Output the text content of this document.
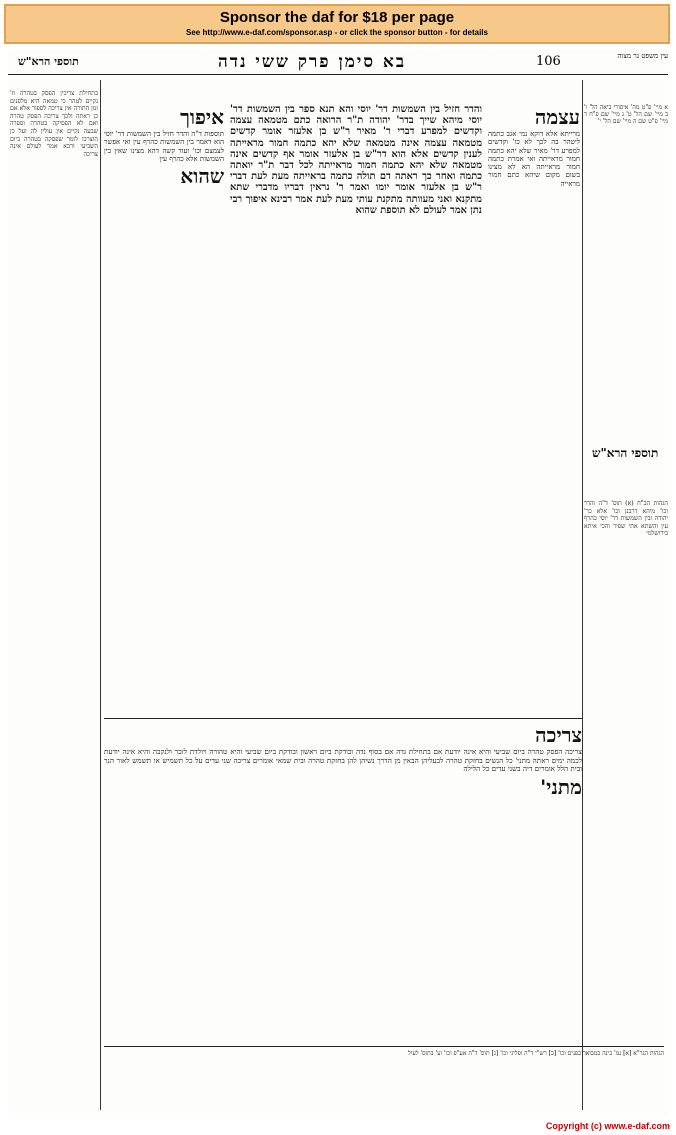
Sponsor the daf for $18 per page
See http://www.e-daf.com/sponsor.asp - or click the sponsor button - for details
תוספי הרא"ש	בא סימן פרק ששי נדה	106	עין משפט נר מצוה
בתחילת צריכין הפסק בטהרה וז' נקיים לטהר כי טמאה היא מלפנים ומן התורה אין צריכה לספור אלא אם כן ראתה ולכך צריכה הפסק טהרה ואם לא הפסיקה בטהרה וספרה שבעה נקיים אין עולין לה ועל כן הוצרכו לומר שפסקה בטהרה ביום השביעי ורבא אמר לעולם אינה צריכה
איפוך
תוספות ד"ה והדר חזיל בין השמשות דר' יוסי הוא דאמר בין השמשות כהרף עין ואי אפשר לצמצם וכו' ועוד קשה דהא מצינו שאין בין השמשות אלא כהרף עין
שהוא
והדר חזיל בין השמשות דר' יוסי והא תנא ספר בין השמשות דר' יוסי מיהא שייך בדר' יהודה ת"ר הרואה כתם מטמאה עצמה וקדשים למפרע דברי ר' מאיר ר"ש בן אלעזר אומר קדשים מטמאה עצמה אינה מטמאה שלא יהא כתמה חמור מראייתה לענין קדשים אלא הוא דר"ש בן אלעזר אומר אף קדשים אינה מטמאה שלא יהא כתמה חמור מראייתה לכל דבר ת"ר יואתה כתמה ואחר כך ראתה דם תולה כתמה בראייתה מעת לעת דברי ר"ש בן אלעזר אומר יומו ואמר ר' נראין דבריו מדברי שתא מתקנא ואני מעוותה מתקנת עותי מעת לעת אמר רבינא איפוך רבי נתן אמר לעולם לא תוספת שהוא
עצמה
מרייתא אלא דוקא נמי אגב כתמה ליטהר בה לכך לא כו' וקדשים למפרע דר' מאיר שלא יהא כתמה חמור מראייתה ואי אמרת כתמה חמור מראייתה הא לא מצינו בשום מקום שיהא כתם חמור מראייה
א מיי' פ"ט מה' איסורי ביאה הל' ו' ב מיי' שם הל' ט' ג מיי' שם פ"ח ד מיי' פ"ט שם ה מיי' שם הל' י'
תוספי הרא"ש
הגהות הב"ח (א) תוס' ד"ה והדר וכו' מיהא דרבנן וכו' אלא כר' יהודה ובין השמשות דר' יוסי כהרף עין והשתא אתי שפיר והכי איתא בירושלמי
צריכה
צריכה הפסק טהרה ביום שביעי והיא אינה יודעת אם בתחילת נדה אם בסוף נדה ובודקת ביום ראשון ובודקת ביום שביעי והיא טהורה ויולדת לזכר ולנקבה והיא אינה יודעת לכמה ימים ראתה מתני' כל הנשים בחזקת טהרה לבעליהן הבאין מן הדרך נשיהן להן בחזקת טהרה ובית שמאי אומרים צריכה שני עדים על כל תשמיש או תשמש לאור הנר ובית הלל אומרים דיה בשני עדים כל הלילה
מתני'
הגהות הגר"א [א] גמ' בינה כמבואר בפנים וכו' [ב] רש"י ד"ה ופליגי וכו' [ג] תוס' ד"ה אע"פ וכו' וע' בתוס' לעיל
Copyright (c) www.e-daf.com
